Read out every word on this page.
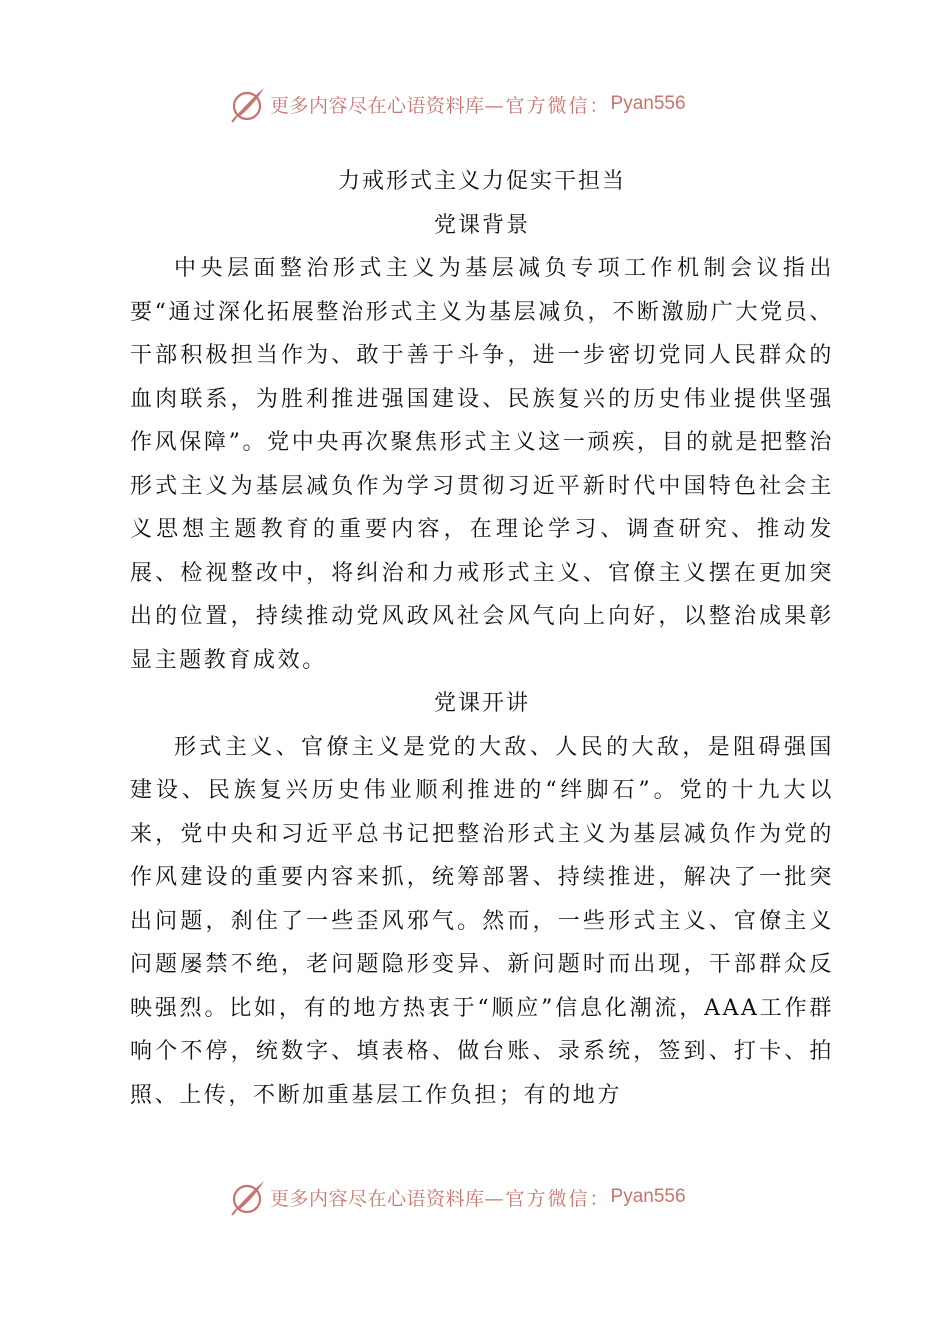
更多内容尽在心语资料库 —官方微信： Pyan556
力戒形式主义力促实干担当
党课背景

中央层面整治形式主义为基层减负专项工作机制会议指出要“通过深化拓展整治形式主义为基层减负，不断激励广大党员、干部积极担当作为、敢于善于斗争，进一步密切党同人民群众的血肉联系，为胜利推进强国建设、民族复兴的历史伟业提供坚强作风保障”。党中央再次聚焦形式主义这一顽疾，目的就是把整治形式主义为基层减负作为学习贯彻习近平新时代中国特色社会主义思想主题教育的重要内容，在理论学习、调查研究、推动发展、检视整改中，将纠治和力戒形式主义、官僚主义摆在更加突出的位置，持续推动党风政风社会风气向上向好，以整治成果彰显主题教育成效。

党课开讲

形式主义、官僚主义是党的大敌、人民的大敌，是阻碍强国建设、民族复兴历史伟业顺利推进的“绊脚石”。党的十九大以来，党中央和习近平总书记把整治形式主义为基层减负作为党的作风建设的重要内容来抓，统筹部署、持续推进，解决了一批突出问题，刹住了一些歪风邪气。然而，一些形式主义、官僚主义问题屡禁不绝，老问题隐形变异、新问题时而出现，干部群众反映强烈。比如，有的地方热衷于“顺应”信息化潮流，AAA工作群响个不停，统数字、填表格、做台账、录系统，签到、打卡、拍照、上传，不断加重基层工作负担；有的地方

更多内容尽在心语资料库 —官方微信： Pyan556
